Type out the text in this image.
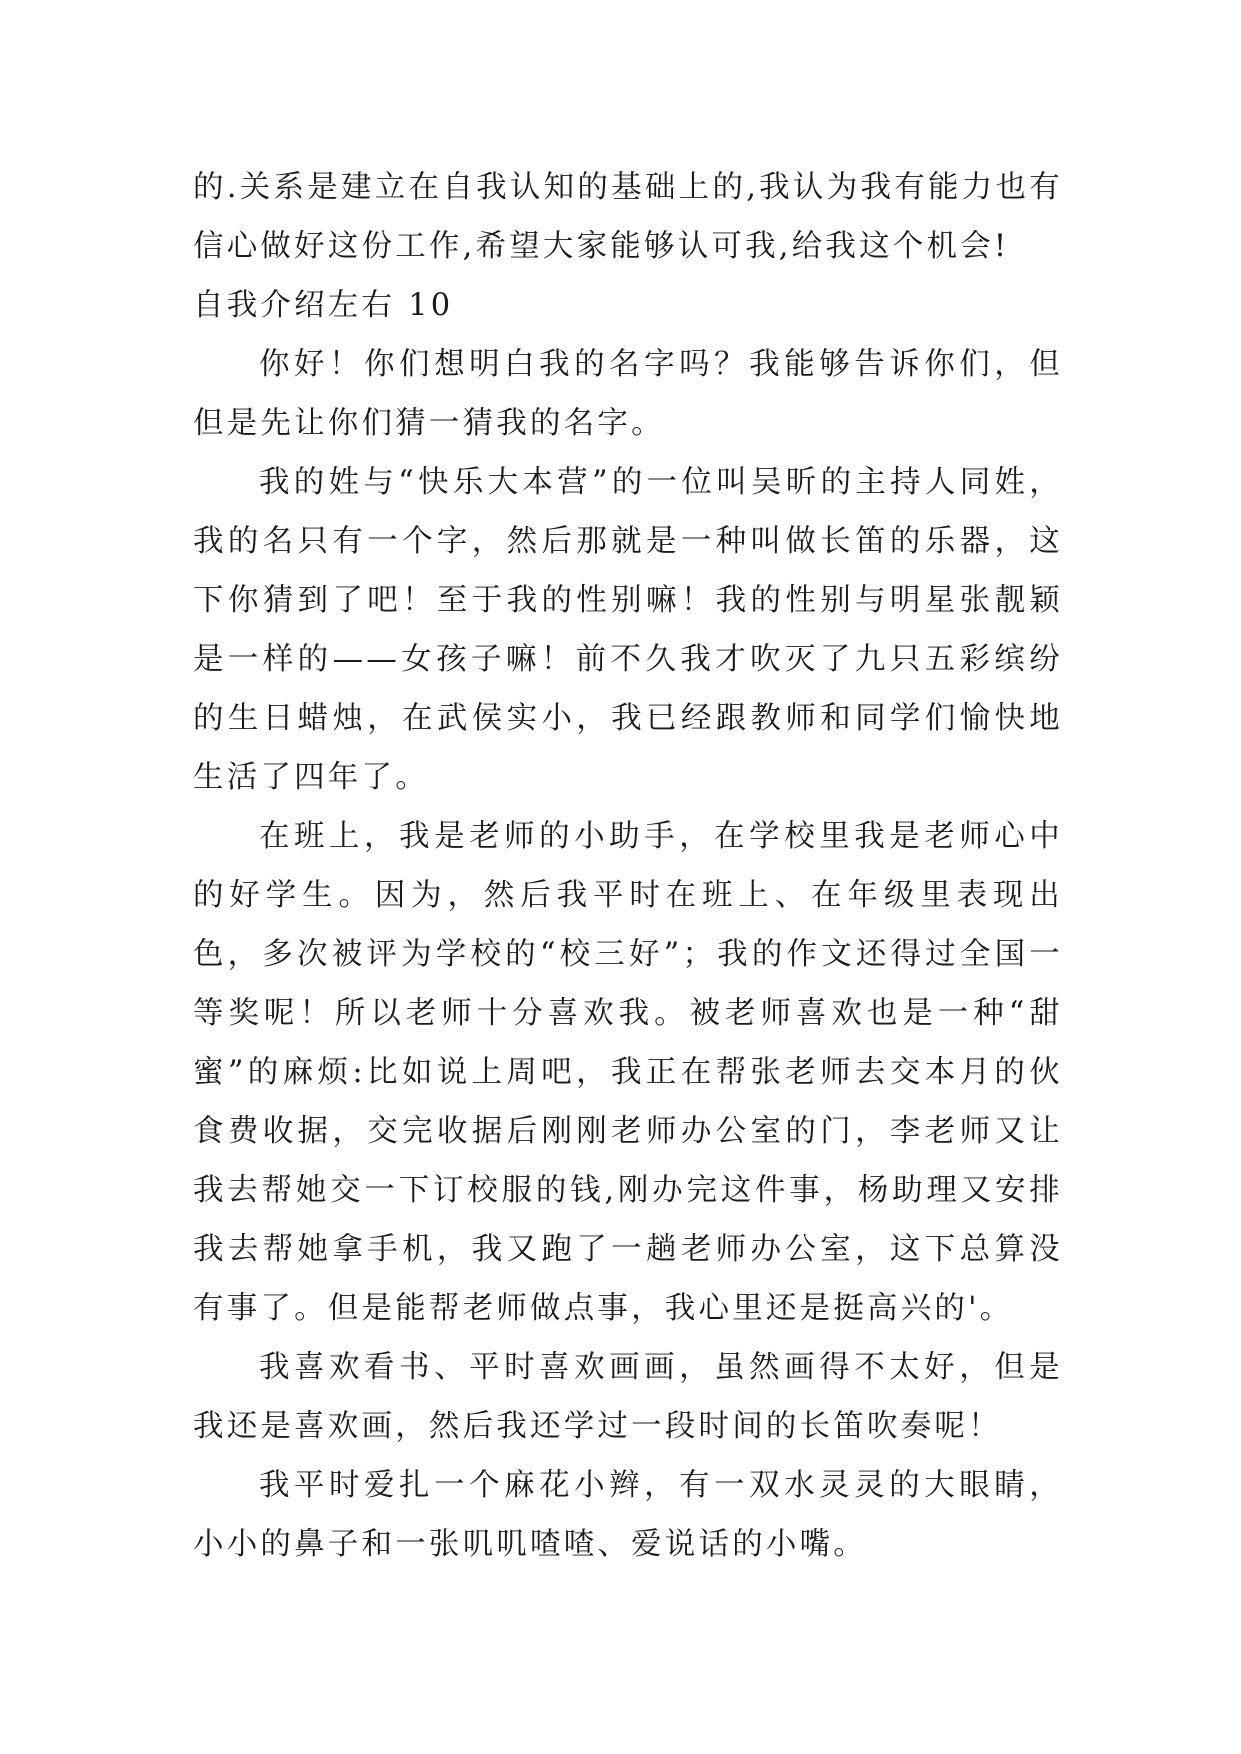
的.关系是建立在自我认知的基础上的,我认为我有能力也有信心做好这份工作,希望大家能够认可我,给我这个机会!

自我介绍左右 10

你好！你们想明白我的名字吗？我能够告诉你们，但但是先让你们猜一猜我的名字。

我的姓与“快乐大本营”的一位叫吴昕的主持人同姓，我的名只有一个字，然后那就是一种叫做长笛的乐器，这下你猜到了吧！至于我的性别嘛！我的性别与明星张靓颖是一样的——女孩子嘛！前不久我才吹灭了九只五彩缤纷的生日蜡烛，在武侯实小，我已经跟教师和同学们愉快地生活了四年了。

在班上，我是老师的小助手，在学校里我是老师心中的好学生。因为，然后我平时在班上、在年级里表现出色，多次被评为学校的“校三好”；我的作文还得过全国一等奖呢！所以老师十分喜欢我。被老师喜欢也是一种“甜蜜”的麻烦:比如说上周吧，我正在帮张老师去交本月的伙食费收据，交完收据后刚刚老师办公室的门，李老师又让我去帮她交一下订校服的钱,刚办完这件事，杨助理又安排我去帮她拿手机，我又跑了一趟老师办公室，这下总算没有事了。但是能帮老师做点事，我心里还是挺高兴的'。

我喜欢看书、平时喜欢画画，虽然画得不太好，但是我还是喜欢画，然后我还学过一段时间的长笛吹奏呢！

我平时爱扎一个麻花小辫，有一双水灵灵的大眼睛，小小的鼻子和一张叽叽喳喳、爱说话的小嘴。
